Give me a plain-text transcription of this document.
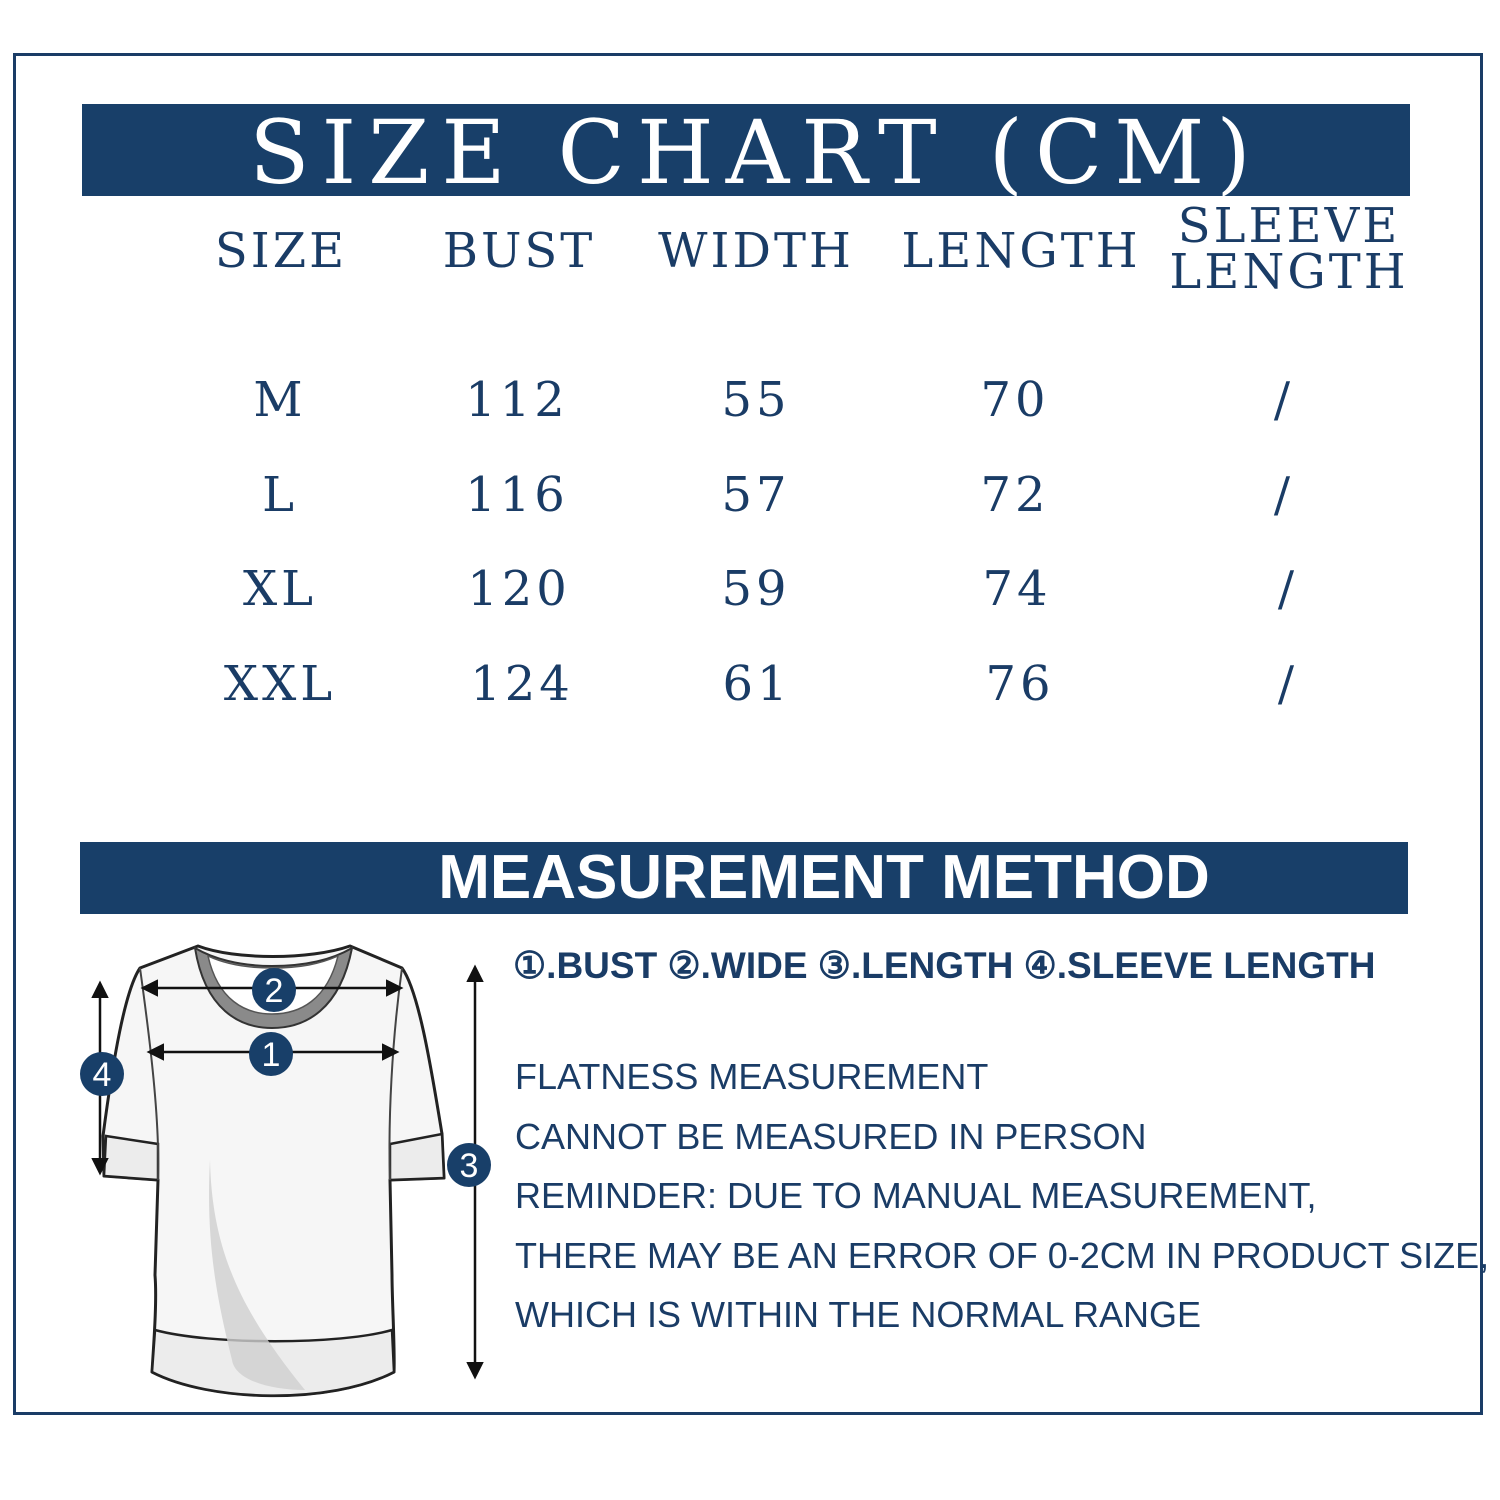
SIZE CHART (CM)
SIZE BUST WIDTH LENGTH SLEEVE
LENGTH
M	112	55	70	/
L	116	57	72	/
XL	120	59	74	/
XXL	124	61	76	/
MEASUREMENT METHOD
2
1
4
3
①.BUST ②.WIDE ③.LENGTH ④.SLEEVE LENGTH
FLATNESS MEASUREMENT
CANNOT BE MEASURED IN PERSON
REMINDER: DUE TO MANUAL MEASUREMENT,
THERE MAY BE AN ERROR OF 0-2CM IN PRODUCT SIZE,
WHICH IS WITHIN THE NORMAL RANGE
